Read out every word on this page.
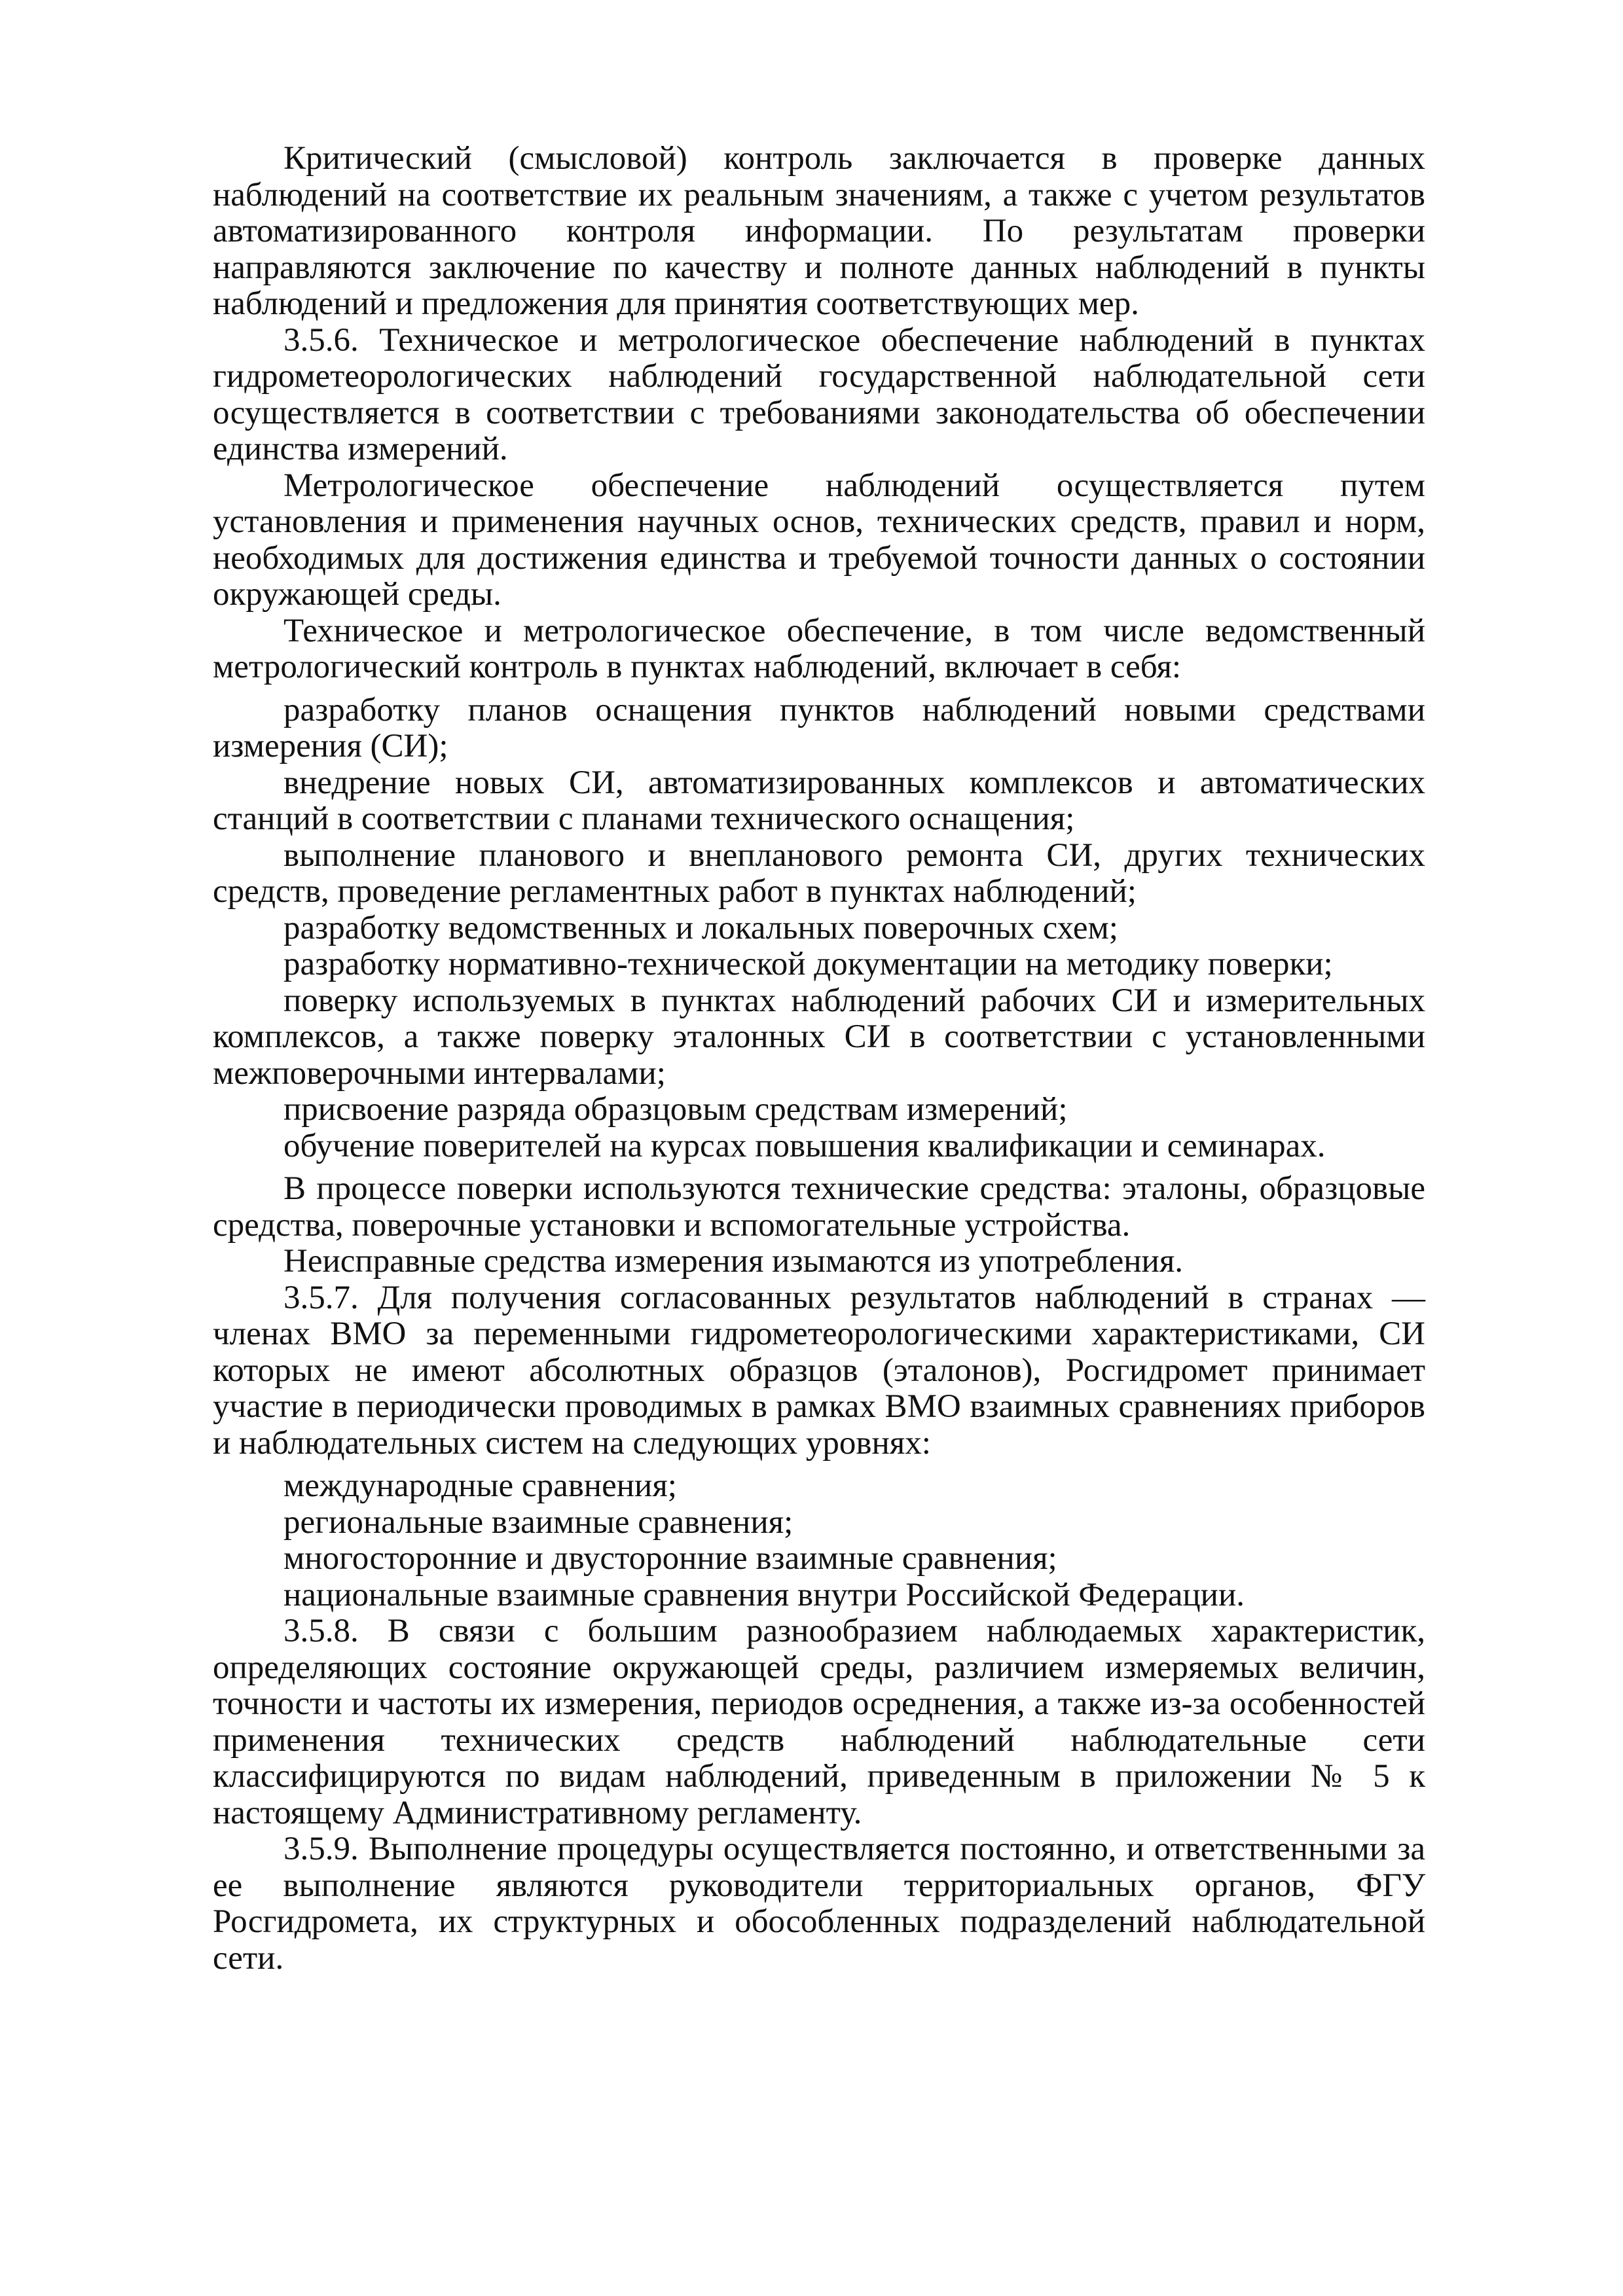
Критический (смысловой) контроль заключается в проверке данных наблюдений на соответствие их реальным значениям, а также с учетом результатов автоматизированного контроля информации. По результатам проверки направляются заключение по качеству и полноте данных наблюдений в пункты наблюдений и предложения для принятия соответствующих мер.

3.5.6. Техническое и метрологическое обеспечение наблюдений в пунктах гидрометеорологических наблюдений государственной наблюдательной сети осуществляется в соответствии с требованиями законодательства об обеспечении единства измерений.

Метрологическое обеспечение наблюдений осуществляется путем установления и применения научных основ, технических средств, правил и норм, необходимых для достижения единства и требуемой точности данных о состоянии окружающей среды.

Техническое и метрологическое обеспечение, в том числе ведомственный метрологический контроль в пунктах наблюдений, включает в себя:

разработку планов оснащения пунктов наблюдений новыми средствами измерения (СИ);

внедрение новых СИ, автоматизированных комплексов и автоматических станций в соответствии с планами технического оснащения;

выполнение планового и внепланового ремонта СИ, других технических средств, проведение регламентных работ в пунктах наблюдений;

разработку ведомственных и локальных поверочных схем;

разработку нормативно-технической документации на методику поверки;

поверку используемых в пунктах наблюдений рабочих СИ и измерительных комплексов, а также поверку эталонных СИ в соответствии с установленными межповерочными интервалами;

присвоение разряда образцовым средствам измерений;

обучение поверителей на курсах повышения квалификации и семинарах.

В процессе поверки используются технические средства: эталоны, образцовые средства, поверочные установки и вспомогательные устройства.

Неисправные средства измерения изымаются из употребления.

3.5.7. Для получения согласованных результатов наблюдений в странах — членах ВМО за переменными гидрометеорологическими характеристиками, СИ которых не имеют абсолютных образцов (эталонов), Росгидромет принимает участие в периодически проводимых в рамках ВМО взаимных сравнениях приборов и наблюдательных систем на следующих уровнях:

международные сравнения;

региональные взаимные сравнения;

многосторонние и двусторонние взаимные сравнения;

национальные взаимные сравнения внутри Российской Федерации.

3.5.8. В связи с большим разнообразием наблюдаемых характеристик, определяющих состояние окружающей среды, различием измеряемых величин, точности и частоты их измерения, периодов осреднения, а также из-за особенностей применения технических средств наблюдений наблюдательные сети классифицируются по видам наблюдений, приведенным в приложении № 5 к настоящему Административному регламенту.

3.5.9. Выполнение процедуры осуществляется постоянно, и ответственными за ее выполнение являются руководители территориальных органов, ФГУ Росгидромета, их структурных и обособленных подразделений наблюдательной сети.
